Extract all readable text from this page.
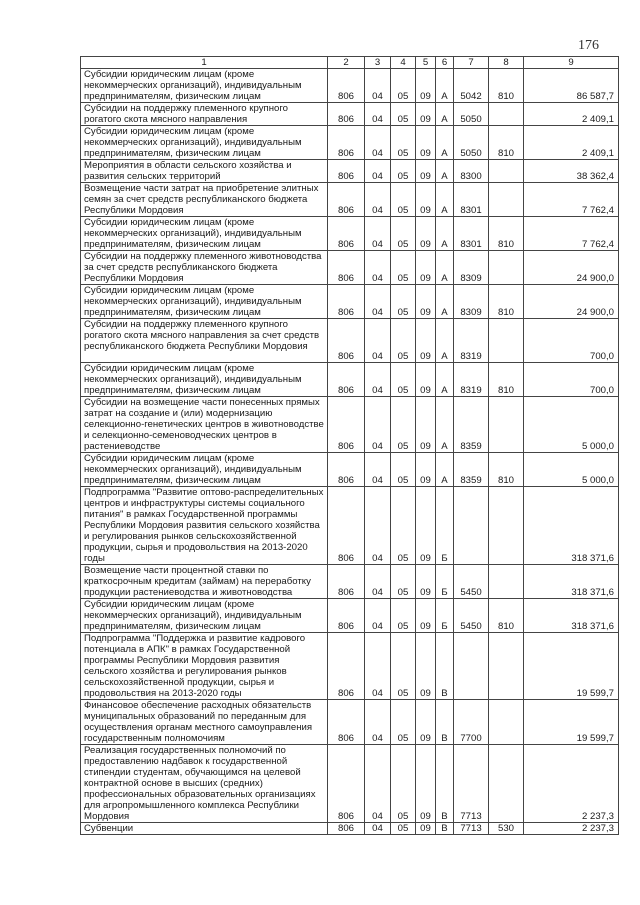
176
1	2	3	4	5	6	7	8	9
Субсидии юридическим лицам (кроме некоммерческих организаций), индивидуальным предпринимателям, физическим лицам	806	04	05	09	А	5042	810	86 587,7
Субсидии на поддержку племенного крупного рогатого скота мясного направления	806	04	05	09	А	5050		2 409,1
Субсидии юридическим лицам (кроме некоммерческих организаций), индивидуальным предпринимателям, физическим лицам	806	04	05	09	А	5050	810	2 409,1
Мероприятия в области сельского хозяйства и развития сельских территорий	806	04	05	09	А	8300		38 362,4
Возмещение части затрат на приобретение элитных семян за счет средств республиканского бюджета Республики Мордовия	806	04	05	09	А	8301		7 762,4
Субсидии юридическим лицам (кроме некоммерческих организаций), индивидуальным предпринимателям, физическим лицам	806	04	05	09	А	8301	810	7 762,4
Субсидии на поддержку племенного животноводства за счет средств республиканского бюджета Республики Мордовия	806	04	05	09	А	8309		24 900,0
Субсидии юридическим лицам (кроме некоммерческих организаций), индивидуальным предпринимателям, физическим лицам	806	04	05	09	А	8309	810	24 900,0
Субсидии на поддержку племенного крупного рогатого скота мясного направления за счет средств республиканского бюджета Республики Мордовия	806	04	05	09	А	8319		700,0
Субсидии юридическим лицам (кроме некоммерческих организаций), индивидуальным предпринимателям, физическим лицам	806	04	05	09	А	8319	810	700,0
Субсидии на возмещение части понесенных прямых затрат на создание и (или) модернизацию селекционно-генетических центров в животноводстве и селекционно-семеноводческих центров в растениеводстве	806	04	05	09	А	8359		5 000,0
Субсидии юридическим лицам (кроме некоммерческих организаций), индивидуальным предпринимателям, физическим лицам	806	04	05	09	А	8359	810	5 000,0
Подпрограмма "Развитие оптово-распределительных центров и инфраструктуры системы социального питания" в рамках Государственной программы Республики Мордовия развития сельского хозяйства и регулирования рынков сельскохозяйственной продукции, сырья и продовольствия на 2013-2020 годы	806	04	05	09	Б			318 371,6
Возмещение части процентной ставки по краткосрочным кредитам (займам) на переработку продукции растениеводства и животноводства	806	04	05	09	Б	5450		318 371,6
Субсидии юридическим лицам (кроме некоммерческих организаций), индивидуальным предпринимателям, физическим лицам	806	04	05	09	Б	5450	810	318 371,6
Подпрограмма "Поддержка и развитие кадрового потенциала в АПК" в рамках Государственной программы Республики Мордовия развития сельского хозяйства и регулирования рынков сельскохозяйственной продукции, сырья и продовольствия на 2013-2020 годы	806	04	05	09	В			19 599,7
Финансовое обеспечение расходных обязательств муниципальных образований по переданным для осуществления органам местного самоуправления государственным полномочиям	806	04	05	09	В	7700		19 599,7
Реализация государственных полномочий по предоставлению надбавок к государственной стипендии студентам, обучающимся на целевой контрактной основе в высших (средних) профессиональных образовательных организациях для агропромышленного комплекса Республики Мордовия	806	04	05	09	В	7713		2 237,3
Субвенции	806	04	05	09	В	7713	530	2 237,3
